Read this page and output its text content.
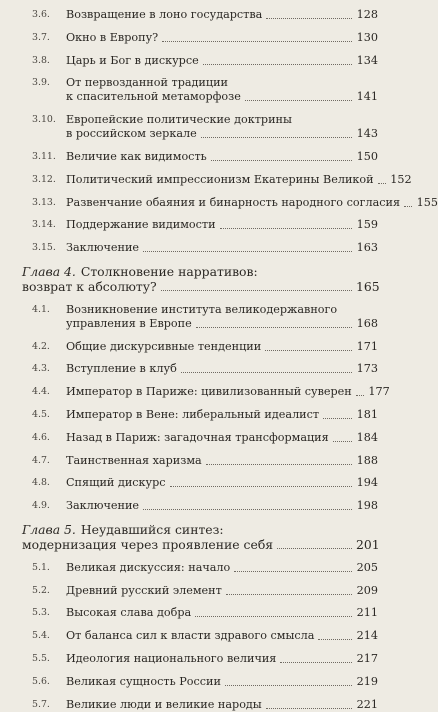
3.6.	Возвращение в лоно государства	128
3.7.	Окно в Европу?	130
3.8.	Царь и Бог в дискурсе	134
3.9.	От первозданной традиции
к спасительной метаморфозе	141
3.10. Европейские политические доктрины
в российском зеркале	143
3.11. Величие как видимость	150
3.12. Политический импрессионизм Екатерины Великой 152
3.13. Развенчание обаяния и бинарность народного согласия 155
3.14. Поддержание видимости	159
3.15. Заключение	163
Глава 4. Столкновение нарративов:
возврат к абсолюту?	165
4.1.	Возникновение института великодержавного
управления в Европе	168
4.2.	Общие дискурсивные тенденции	171
4.3.	Вступление в клуб	173
4.4.	Император в Париже: цивилизованный суверен 177
4.5.	Император в Вене: либеральный идеалист	181
4.6.	Назад в Париж: загадочная трансформация 184
4.7.	Таинственная харизма	188
4.8.	Спящий дискурс	194
4.9.	Заключение	198
Глава 5. Неудавшийся синтез:
модернизация через проявление себя	201
5.1.	Великая дискуссия: начало	205
5.2.	Древний русский элемент	209
5.3.	Высокая слава добра	211
5.4.	От баланса сил к власти здравого смысла	214
5.5.	Идеология национального величия	217
5.6.	Великая сущность России	219
5.7.	Великие люди и великие народы	221
